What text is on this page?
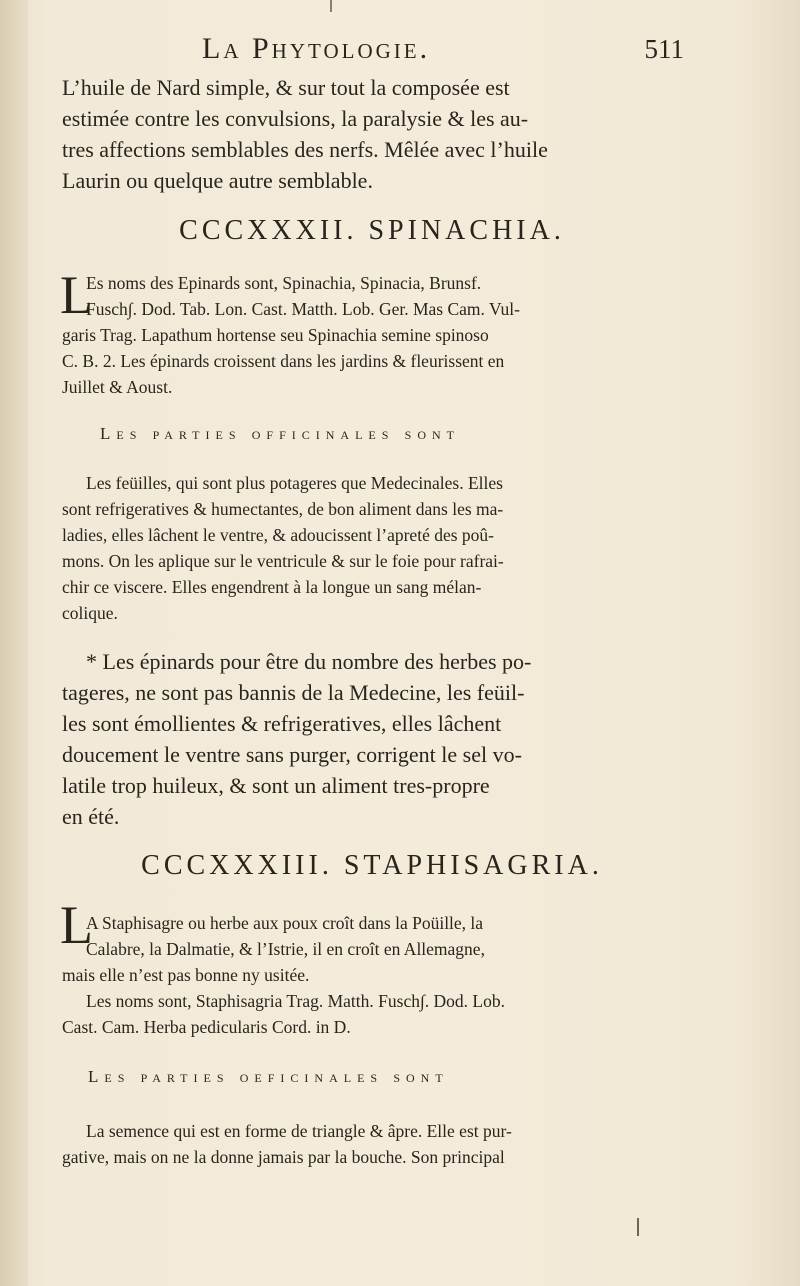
La Phytologie.	511
L’huile de Nard simple, & sur tout la composée est
estimée contre les convulsions, la paralysie & les au-
tres affections semblables des nerfs. Mêlée avec l’huile
Laurin ou quelque autre semblable.
CCCXXXII. SPINACHIA.
L
Es noms des Epinards sont, Spinachia, Spinacia, Brunsf.
Fusch∫. Dod. Tab. Lon. Cast. Matth. Lob. Ger. Mas Cam. Vul-
garis Trag. Lapathum hortense seu Spinachia semine spinoso
C. B. 2. Les épinards croissent dans les jardins & fleurissent en
Juillet & Aoust.
Les parties officinales sont
Les feüilles, qui sont plus potageres que Medecinales. Elles
sont refrigeratives & humectantes, de bon aliment dans les ma-
ladies, elles lâchent le ventre, & adoucissent l’apreté des poû-
mons. On les aplique sur le ventricule & sur le foie pour rafrai-
chir ce viscere. Elles engendrent à la longue un sang mélan-
colique.
* Les épinards pour être du nombre des herbes po-
tageres, ne sont pas bannis de la Medecine, les feüil-
les sont émollientes & refrigeratives, elles lâchent
doucement le ventre sans purger, corrigent le sel vo-
latile trop huileux, & sont un aliment tres-propre
en été.
CCCXXXIII. STAPHISAGRIA.
L
A Staphisagre ou herbe aux poux croît dans la Poüille, la
Calabre, la Dalmatie, & l’Istrie, il en croît en Allemagne,
mais elle n’est pas bonne ny usitée.
Les noms sont, Staphisagria Trag. Matth. Fusch∫. Dod. Lob.
Cast. Cam. Herba pedicularis Cord. in D.
Les parties oeficinales sont
La semence qui est en forme de triangle & âpre. Elle est pur-
gative, mais on ne la donne jamais par la bouche. Son principal
